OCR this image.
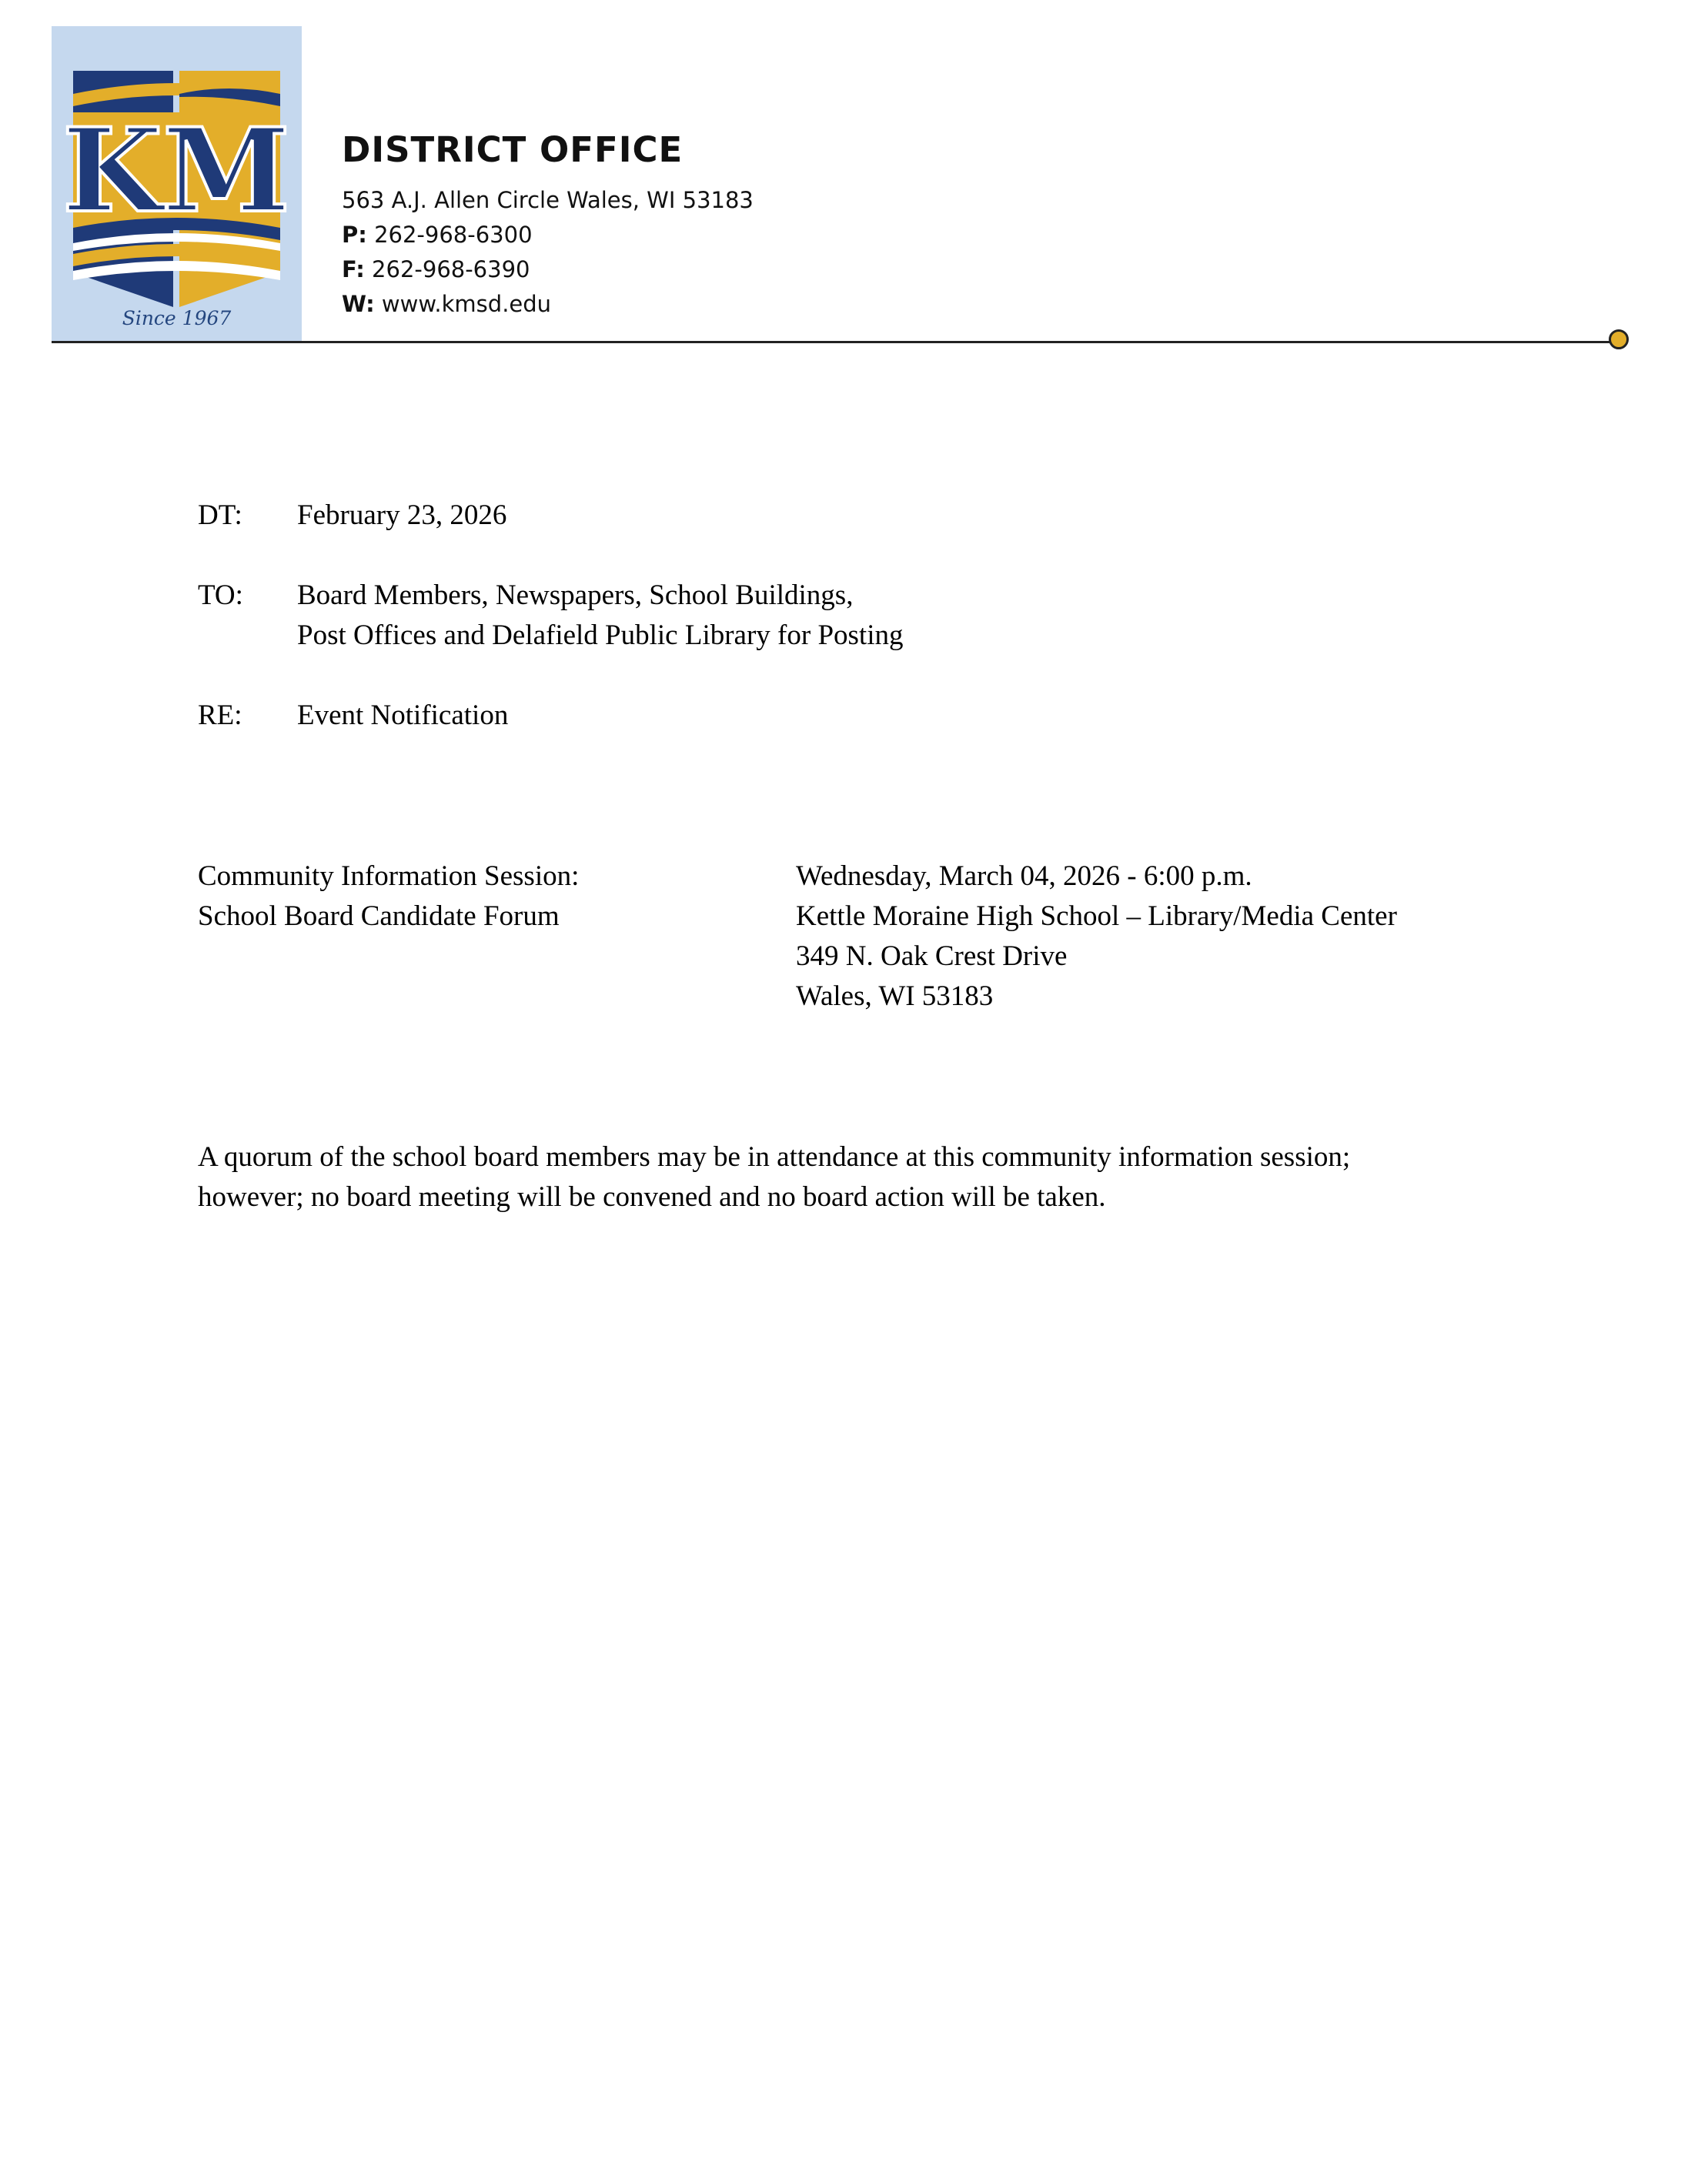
KM
Since 1967
DISTRICT OFFICE
563 A.J. Allen Circle Wales, WI 53183
P: 262-968-6300
F: 262-968-6390
W: www.kmsd.edu
DT: February 23, 2026
TO: Board Members, Newspapers, School Buildings,
Post Offices and Delafield Public Library for Posting
RE: Event Notification
Community Information Session:
School Board Candidate Forum
Wednesday, March 04, 2026 - 6:00 p.m.
Kettle Moraine High School – Library/Media Center
349 N. Oak Crest Drive
Wales, WI 53183
A quorum of the school board members may be in attendance at this community information session;
however; no board meeting will be convened and no board action will be taken.
